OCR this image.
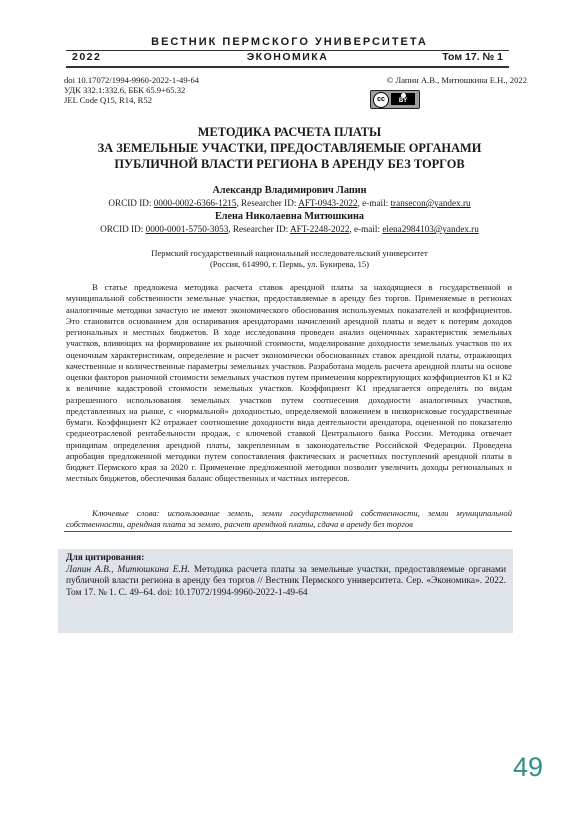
ВЕСТНИК ПЕРМСКОГО УНИВЕРСИТЕТА
2022	ЭКОНОМИКА	Том 17. № 1
doi 10.17072/1994-9960-2022-1-49-64
УДК 332.1:332.6, ББК 65.9+65.32
JEL Code Q15, R14, R52
© Лапин А.В., Митюшкина Е.Н., 2022
cc	BY
МЕТОДИКА РАСЧЕТА ПЛАТЫ
ЗА ЗЕМЕЛЬНЫЕ УЧАСТКИ, ПРЕДОСТАВЛЯЕМЫЕ ОРГАНАМИ
ПУБЛИЧНОЙ ВЛАСТИ РЕГИОНА В АРЕНДУ БЕЗ ТОРГОВ
Александр Владимирович Лапин
ORCID ID: 0000-0002-6366-1215, Researcher ID: AFT-0943-2022, e-mail: transecon@yandex.ru
Елена Николаевна Митюшкина
ORCID ID: 0000-0001-5750-3053, Researcher ID: AFT-2248-2022, e-mail: elena2984103@yandex.ru
Пермский государственный национальный исследовательский университет
(Россия, 614990, г. Пермь, ул. Букирева, 15)

В статье предложена методика расчета ставок арендной платы за находящиеся в государственной и муниципальной собственности земельные участки, предоставляемые в аренду без торгов. Применяемые в регионах аналогичные методики зачастую не имеют экономического обоснования используемых показателей и коэффициентов. Это становится основанием для оспаривания арендаторами начислений арендной платы и ведет к потерям доходов региональных и местных бюджетов. В ходе исследования проведен анализ оценочных характеристик земельных участков, влияющих на формирование их рыночной стоимости, моделирование доходности земельных участков по их оценочным характеристикам, определение и расчет экономически обоснованных ставок арендной платы, отражающих качественные и количественные параметры земельных участков. Разработана модель расчета арендной платы на основе оценки факторов рыночной стоимости земельных участков путем применения корректирующих коэффициентов К1 и К2 к величине кадастровой стоимости земельных участков. Коэффициент К1 предлагается определять по видам разрешенного использования земельных участков путем соотнесения доходности аналогичных участков, представленных на рынке, с «нормальной» доходностью, определяемой вложением в низкорисковые государственные бумаги. Коэффициент К2 отражает соотношение доходности вида деятельности арендатора, оцененной по показателю среднеотраслевой рентабельности продаж, с ключевой ставкой Центрального банка России. Методика отвечает принципам определения арендной платы, закрепленным в законодательстве Российской Федерации. Проведена апробация предложенной методики путем сопоставления фактических и расчетных поступлений арендной платы в бюджет Пермского края за 2020 г. Применение предложенной методики позволит увеличить доходы региональных и местных бюджетов, обеспечивая баланс общественных и частных интересов.

Ключевые слова: использование земель, земли государственной собственности, земли муниципальной собственности, арендная плата за землю, расчет арендной платы, сдача в аренду без торгов

Для цитирования:
Лапин А.В., Митюшкина Е.Н. Методика расчета платы за земельные участки, предоставляемые органами публичной власти региона в аренду без торгов // Вестник Пермского университета. Сер. «Экономика». 2022. Том 17. № 1. С. 49–64. doi: 10.17072/1994-9960-2022-1-49-64
49
